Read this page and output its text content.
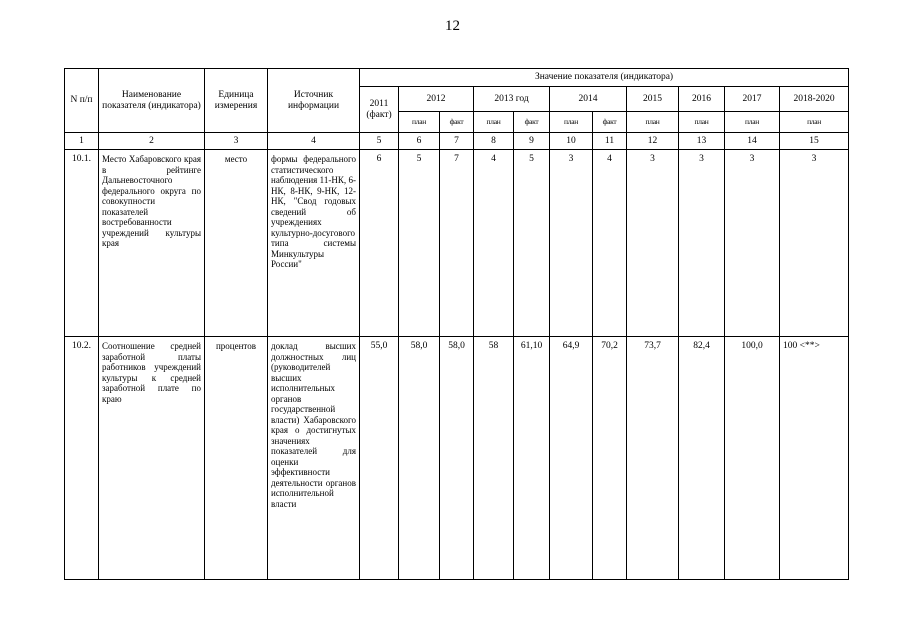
12
N п/п	Наименование показателя (индикатора)	Единица измерения	Источник информации	Значение показателя (индикатора)										
				2011 (факт)	2012		2013 год		2014		2015	2016	2017	2018-2020
					план	факт	план	факт	план	факт	план	план	план	план
1	2	3	4	5	6	7	8	9	10	11	12	13	14	15
10.1.	Место Хабаровского края в рейтинге Дальневосточного федерального округа по совокупности показателей востребованности учреждений культуры края	место	формы федерального статистического наблюдения 11-НК, 6-НК, 8-НК, 9-НК, 12-НК, "Свод годовых сведений об учреждениях культурно-досугового типа системы Минкультуры России"	6	5	7	4	5	3	4	3	3	3	3
10.2.	Соотношение средней заработной платы работников учреждений культуры к средней заработной плате по краю	процентов	доклад высших должностных лиц (руководителей высших исполнительных органов государственной власти) Хабаровского края о достигнутых значениях показателей для оценки эффективности деятельности органов исполнительной власти	55,0	58,0	58,0	58	61,10	64,9	70,2	73,7	82,4	100,0	100 <**>
